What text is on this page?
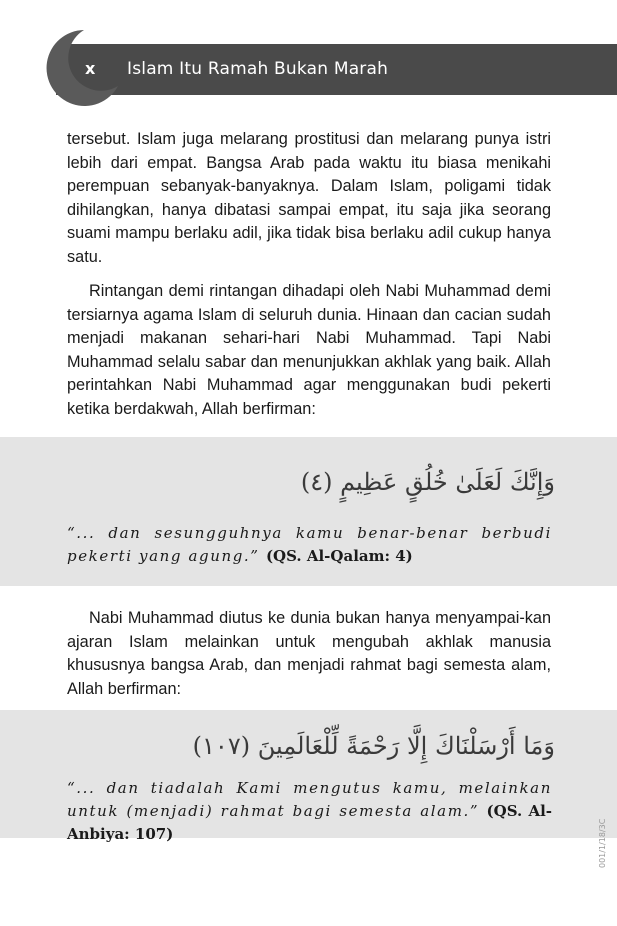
x Islam Itu Ramah Bukan Marah

tersebut. Islam juga melarang prostitusi dan melarang punya istri lebih dari empat. Bangsa Arab pada waktu itu biasa menikahi perempuan sebanyak-banyaknya. Dalam Islam, poligami tidak dihilangkan, hanya dibatasi sampai empat, itu saja jika seorang suami mampu berlaku adil, jika tidak bisa berlaku adil cukup hanya satu.

Rintangan demi rintangan dihadapi oleh Nabi Muhammad demi tersiarnya agama Islam di seluruh dunia. Hinaan dan cacian sudah menjadi makanan sehari-hari Nabi Muhammad. Tapi Nabi Muhammad selalu sabar dan menunjukkan akhlak yang baik. Allah perintahkan Nabi Muhammad agar menggunakan budi pekerti ketika berdakwah, Allah berfirman:

وَإِنَّكَ لَعَلَىٰ خُلُقٍ عَظِيمٍ (٤)

“... dan sesungguhnya kamu benar-benar berbudi pekerti yang agung.” (QS. Al-Qalam: 4)

Nabi Muhammad diutus ke dunia bukan hanya menyampai-kan ajaran Islam melainkan untuk mengubah akhlak manusia khususnya bangsa Arab, dan menjadi rahmat bagi semesta alam, Allah berfirman:

وَمَا أَرْسَلْنَاكَ إِلَّا رَحْمَةً لِّلْعَالَمِينَ (١٠٧)

“... dan tiadalah Kami mengutus kamu, melainkan untuk (menjadi) rahmat bagi semesta alam.” (QS. Al-Anbiya: 107)	001/1/18/3C
